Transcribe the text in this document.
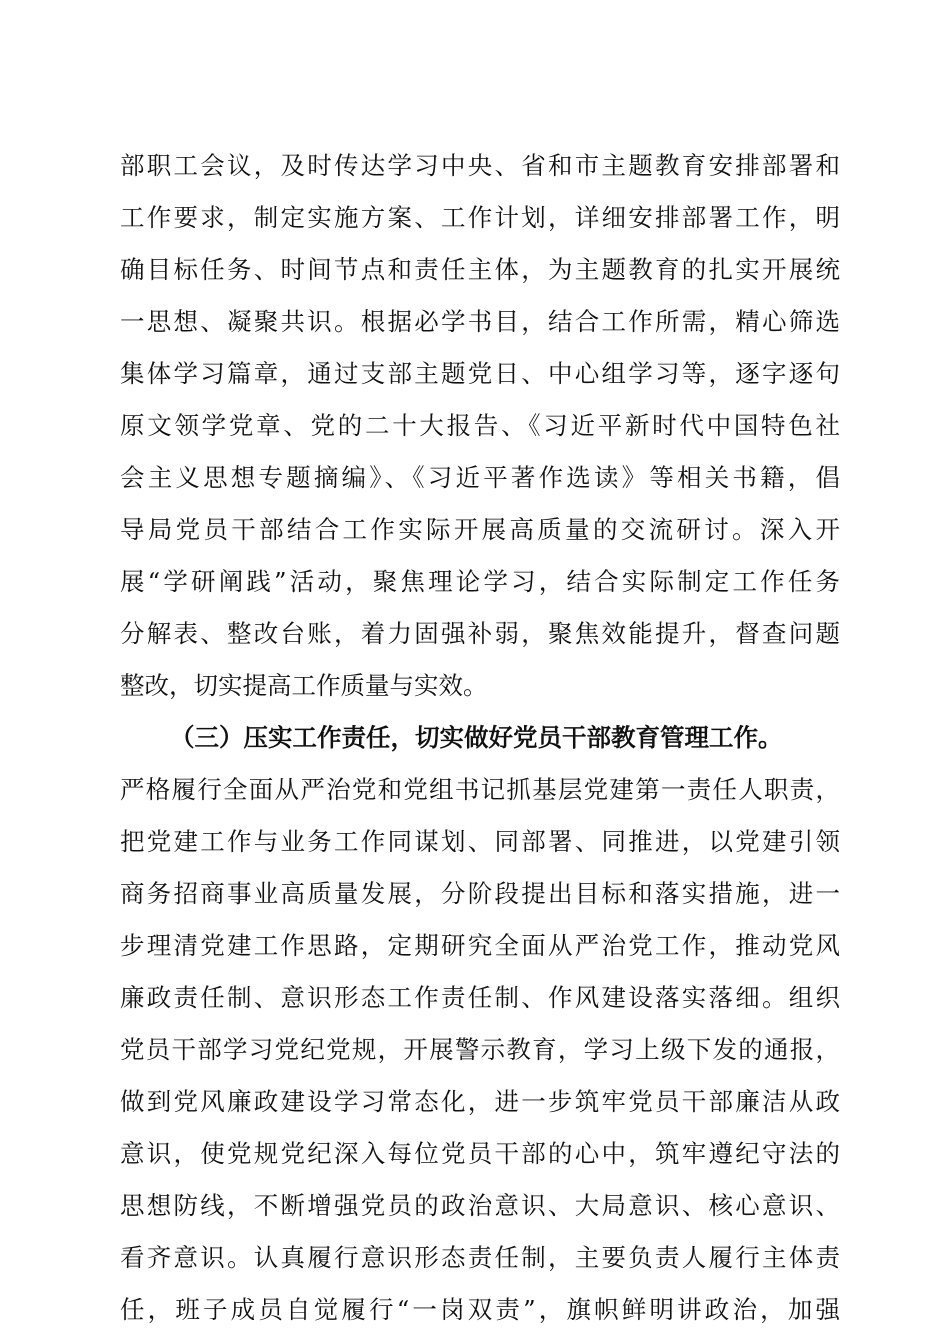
部职工会议，及时传达学习中央、省和市主题教育安排部署和
工作要求，制定实施方案、工作计划，详细安排部署工作，明
确目标任务、时间节点和责任主体，为主题教育的扎实开展统
一思想、凝聚共识。根据必学书目，结合工作所需，精心筛选
集体学习篇章，通过支部主题党日、中心组学习等，逐字逐句
原文领学党章、党的二十大报告、《习近平新时代中国特色社
会主义思想专题摘编》、《习近平著作选读》等相关书籍，倡
导局党员干部结合工作实际开展高质量的交流研讨。深入开
展“学研阐践”活动，聚焦理论学习，结合实际制定工作任务
分解表、整改台账，着力固强补弱，聚焦效能提升，督查问题
整改，切实提高工作质量与实效。
（三）压实工作责任，切实做好党员干部教育管理工作。
严格履行全面从严治党和党组书记抓基层党建第一责任人职责，
把党建工作与业务工作同谋划、同部署、同推进，以党建引领
商务招商事业高质量发展，分阶段提出目标和落实措施，进一
步理清党建工作思路，定期研究全面从严治党工作，推动党风
廉政责任制、意识形态工作责任制、作风建设落实落细。组织
党员干部学习党纪党规，开展警示教育，学习上级下发的通报，
做到党风廉政建设学习常态化，进一步筑牢党员干部廉洁从政
意识，使党规党纪深入每位党员干部的心中，筑牢遵纪守法的
思想防线，不断增强党员的政治意识、大局意识、核心意识、
看齐意识。认真履行意识形态责任制，主要负责人履行主体责
任，班子成员自觉履行“一岗双责”，旗帜鲜明讲政治，加强
